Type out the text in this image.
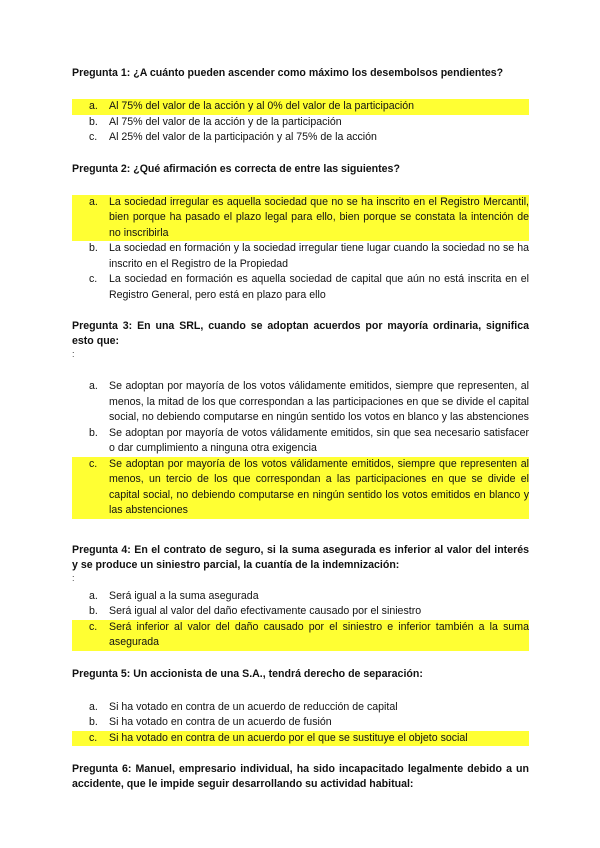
Pregunta 1: ¿A cuánto pueden ascender como máximo los desembolsos pendientes?

a. Al 75% del valor de la acción y al 0% del valor de la participación
b. Al 75% del valor de la acción y de la participación
c. Al 25% del valor de la participación y al 75% de la acción

Pregunta 2: ¿Qué afirmación es correcta de entre las siguientes?

a. La sociedad irregular es aquella sociedad que no se ha inscrito en el Registro Mercantil, bien porque ha pasado el plazo legal para ello, bien porque se constata la intención de no inscribirla
b. La sociedad en formación y la sociedad irregular tiene lugar cuando la sociedad no se ha inscrito en el Registro de la Propiedad
c. La sociedad en formación es aquella sociedad de capital que aún no está inscrita en el Registro General, pero está en plazo para ello

Pregunta 3: En una SRL, cuando se adoptan acuerdos por mayoría ordinaria, significa esto que:

:

a. Se adoptan por mayoría de los votos válidamente emitidos, siempre que representen, al menos, la mitad de los que correspondan a las participaciones en que se divide el capital social, no debiendo computarse en ningún sentido los votos en blanco y las abstenciones
b. Se adoptan por mayoría de votos válidamente emitidos, sin que sea necesario satisfacer o dar cumplimiento a ninguna otra exigencia
c. Se adoptan por mayoría de los votos válidamente emitidos, siempre que representen al menos, un tercio de los que correspondan a las participaciones en que se divide el capital social, no debiendo computarse en ningún sentido los votos emitidos en blanco y las abstenciones

Pregunta 4: En el contrato de seguro, si la suma asegurada es inferior al valor del interés y se produce un siniestro parcial, la cuantía de la indemnización:

:

a. Será igual a la suma asegurada
b. Será igual al valor del daño efectivamente causado por el siniestro
c. Será inferior al valor del daño causado por el siniestro e inferior también a la suma asegurada

Pregunta 5: Un accionista de una S.A., tendrá derecho de separación:

a. Si ha votado en contra de un acuerdo de reducción de capital
b. Si ha votado en contra de un acuerdo de fusión
c. Si ha votado en contra de un acuerdo por el que se sustituye el objeto social

Pregunta 6: Manuel, empresario individual, ha sido incapacitado legalmente debido a un accidente, que le impide seguir desarrollando su actividad habitual:
